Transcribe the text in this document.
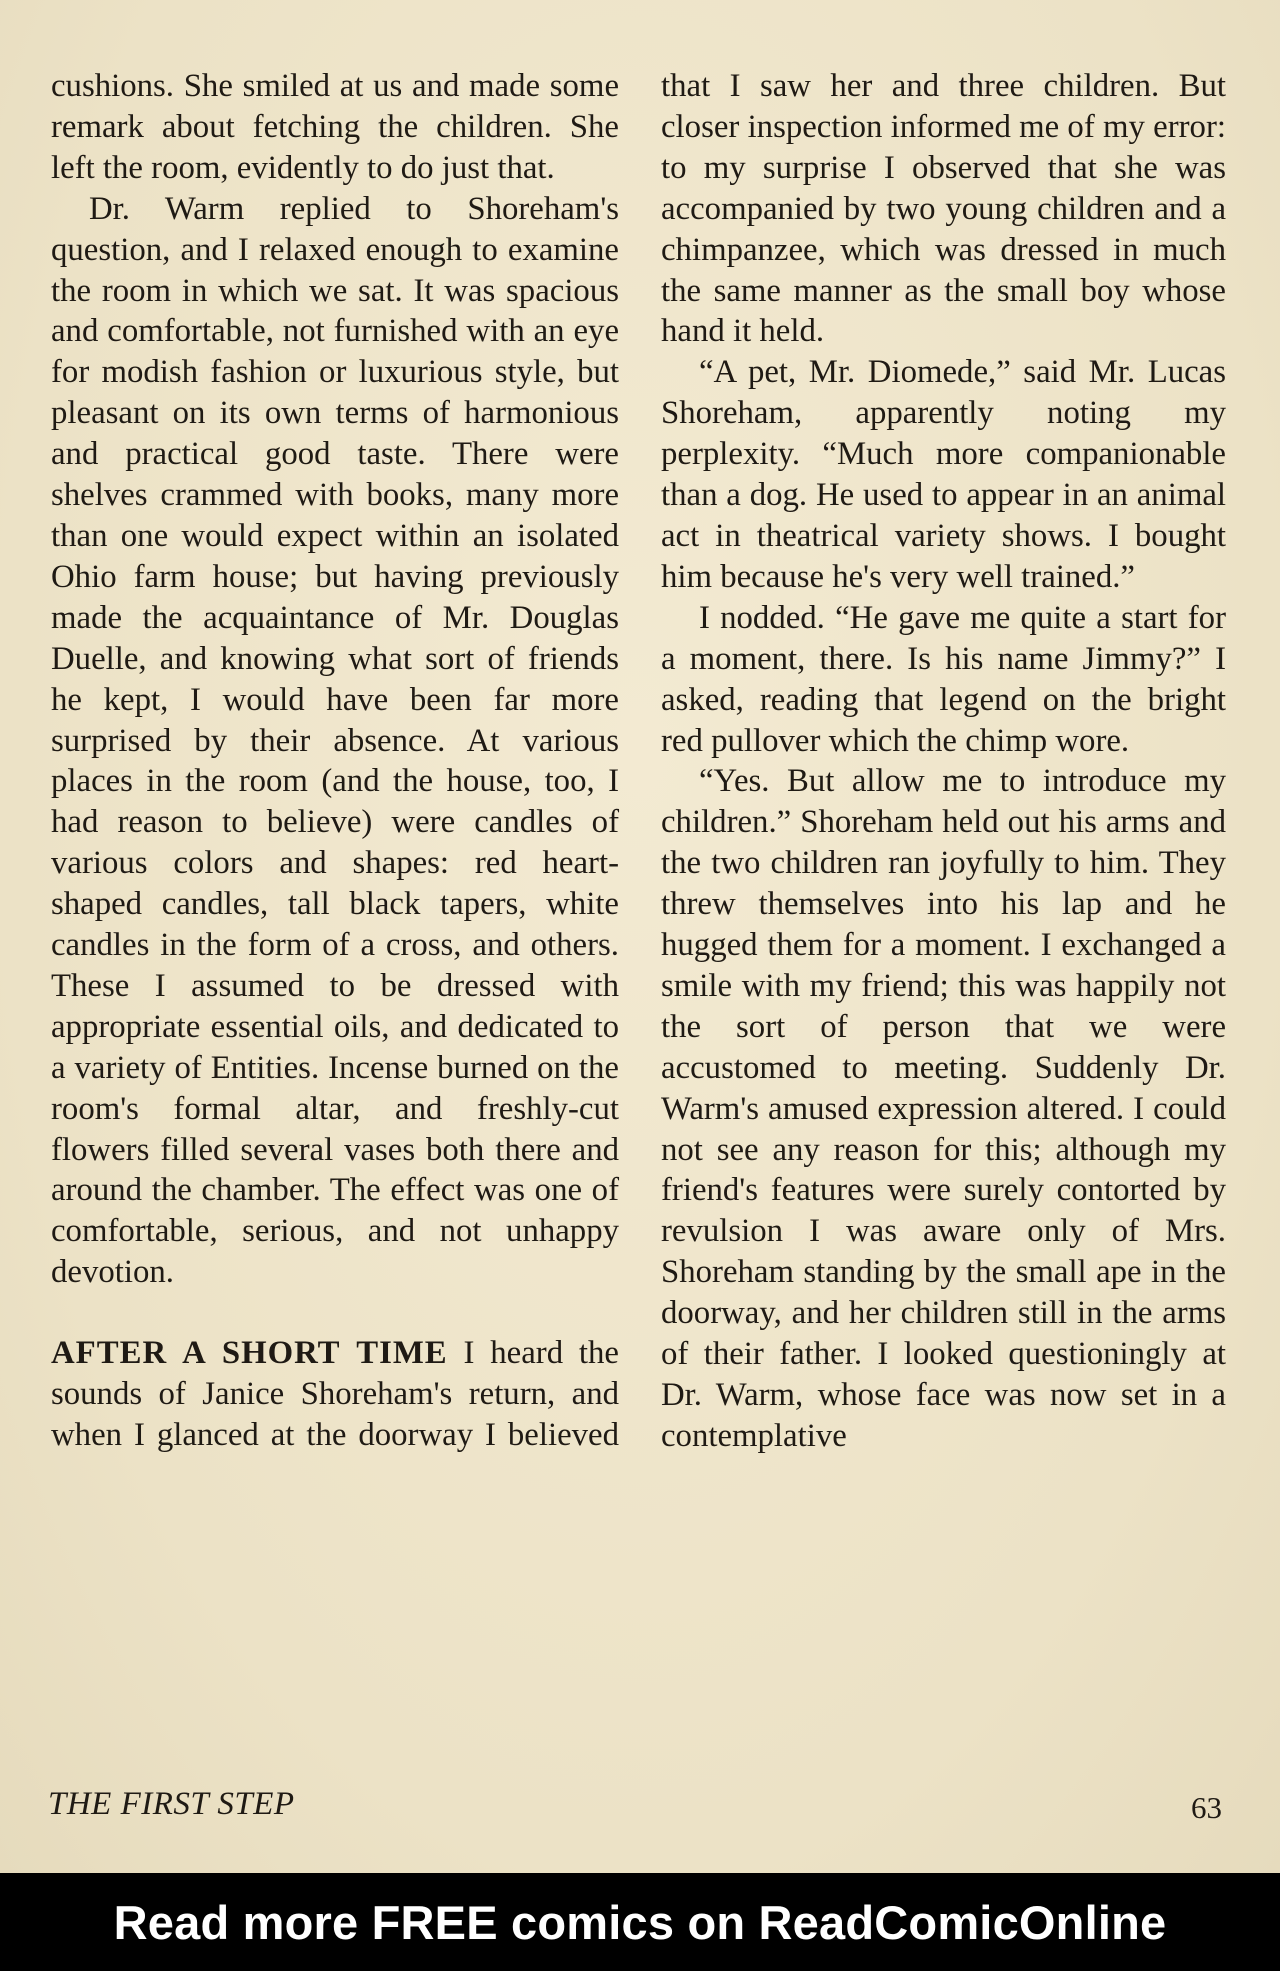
cushions. She smiled at us and made some remark about fetching the children. She left the room, evidently to do just that.

Dr. Warm replied to Shoreham's question, and I relaxed enough to examine the room in which we sat. It was spacious and comfortable, not furnished with an eye for modish fashion or luxurious style, but pleasant on its own terms of harmonious and practical good taste. There were shelves crammed with books, many more than one would expect within an isolated Ohio farm house; but having previously made the acquaintance of Mr. Douglas Duelle, and knowing what sort of friends he kept, I would have been far more surprised by their absence. At various places in the room (and the house, too, I had reason to believe) were candles of various colors and shapes: red heart-shaped candles, tall black tapers, white candles in the form of a cross, and others. These I assumed to be dressed with appropriate essential oils, and dedicated to a variety of Entities. Incense burned on the room's formal altar, and freshly-cut flowers filled several vases both there and around the chamber. The effect was one of comfortable, serious, and not unhappy devotion.

AFTER A SHORT TIME I heard the sounds of Janice Shoreham's return, and when I glanced at the doorway I believed

that I saw her and three children. But closer inspection informed me of my error: to my surprise I observed that she was accompanied by two young children and a chimpanzee, which was dressed in much the same manner as the small boy whose hand it held.

“A pet, Mr. Diomede,” said Mr. Lucas Shoreham, apparently noting my perplexity. “Much more companionable than a dog. He used to appear in an animal act in theatrical variety shows. I bought him because he's very well trained.”

I nodded. “He gave me quite a start for a moment, there. Is his name Jimmy?” I asked, reading that legend on the bright red pullover which the chimp wore.

“Yes. But allow me to introduce my children.” Shoreham held out his arms and the two children ran joyfully to him. They threw themselves into his lap and he hugged them for a moment. I exchanged a smile with my friend; this was happily not the sort of person that we were accustomed to meeting. Suddenly Dr. Warm's amused expression altered. I could not see any reason for this; although my friend's features were surely contorted by revulsion I was aware only of Mrs. Shoreham standing by the small ape in the doorway, and her children still in the arms of their father. I looked questioningly at Dr. Warm, whose face was now set in a contemplative

THE FIRST STEP	63
Read more FREE comics on ReadComicOnline
